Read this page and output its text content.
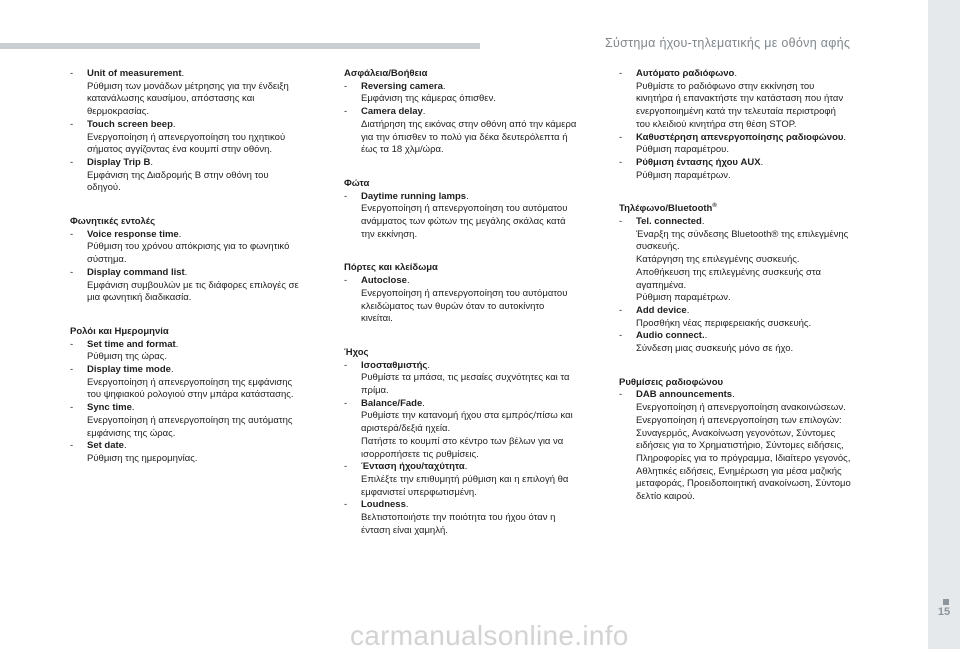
Σύστημα ήχου-τηλεματικής με οθόνη αφής
15
- Unit of measurement.
Ρύθμιση των μονάδων μέτρησης για την ένδειξη
κατανάλωσης καυσίμου, απόστασης και
θερμοκρασίας.
- Touch screen beep.
Ενεργοποίηση ή απενεργοποίηση του ηχητικού
σήματος αγγίζοντας ένα κουμπί στην οθόνη.
- Display Trip B.
Εμφάνιση της Διαδρομής B στην οθόνη του
οδηγού.
Φωνητικές εντολές
- Voice response time.
Ρύθμιση του χρόνου απόκρισης για το φωνητικό
σύστημα.
- Display command list.
Εμφάνιση συμβουλών με τις διάφορες επιλογές σε
μια φωνητική διαδικασία.
Ρολόι και Ημερομηνία
- Set time and format.
Ρύθμιση της ώρας.
- Display time mode.
Ενεργοποίηση ή απενεργοποίηση της εμφάνισης
του ψηφιακού ρολογιού στην μπάρα κατάστασης.
- Sync time.
Ενεργοποίηση ή απενεργοποίηση της αυτόματης
εμφάνισης της ώρας.
- Set date.
Ρύθμιση της ημερομηνίας.
Ασφάλεια/Βοήθεια
- Reversing camera.
Εμφάνιση της κάμερας όπισθεν.
- Camera delay.
Διατήρηση της εικόνας στην οθόνη από την κάμερα
για την όπισθεν το πολύ για δέκα δευτερόλεπτα ή
έως τα 18 χλμ/ώρα.
Φώτα
- Daytime running lamps.
Ενεργοποίηση ή απενεργοποίηση του αυτόματου
ανάμματος των φώτων της μεγάλης σκάλας κατά
την εκκίνηση.
Πόρτες και κλείδωμα
- Autoclose.
Ενεργοποίηση ή απενεργοποίηση του αυτόματου
κλειδώματος των θυρών όταν το αυτοκίνητο
κινείται.
Ήχος
- Ισοσταθμιστής.
Ρυθμίστε τα μπάσα, τις μεσαίες συχνότητες και τα
πρίμα.
- Balance/Fade.
Ρυθμίστε την κατανομή ήχου στα εμπρός/πίσω και
αριστερά/δεξιά ηχεία.
Πατήστε το κουμπί στο κέντρο των βέλων για να
ισορροπήσετε τις ρυθμίσεις.
- Ένταση ήχου/ταχύτητα.
Επιλέξτε την επιθυμητή ρύθμιση και η επιλογή θα
εμφανιστεί υπερφωτισμένη.
- Loudness.
Βελτιστοποιήστε την ποιότητα του ήχου όταν η
ένταση είναι χαμηλή.
- Αυτόματο ραδιόφωνο.
Ρυθμίστε το ραδιόφωνο στην εκκίνηση του
κινητήρα ή επανακτήστε την κατάσταση που ήταν
ενεργοποιημένη κατά την τελευταία περιστροφή
του κλειδιού κινητήρα στη θέση STOP.
- Καθυστέρηση απενεργοποίησης ραδιοφώνου.
Ρύθμιση παραμέτρου.
- Ρύθμιση έντασης ήχου AUX.
Ρύθμιση παραμέτρων.
Τηλέφωνο/Bluetooth®
- Tel. connected.
Έναρξη της σύνδεσης Bluetooth® της επιλεγμένης
συσκευής.
Κατάργηση της επιλεγμένης συσκευής.
Αποθήκευση της επιλεγμένης συσκευής στα
αγαπημένα.
Ρύθμιση παραμέτρων.
- Add device.
Προσθήκη νέας περιφερειακής συσκευής.
- Audio connect..
Σύνδεση μιας συσκευής μόνο σε ήχο.
Ρυθμίσεις ραδιοφώνου
- DAB announcements.
Ενεργοποίηση ή απενεργοποίηση ανακοινώσεων.
Ενεργοποίηση ή απενεργοποίηση των επιλογών:
Συναγερμός, Ανακοίνωση γεγονότων, Σύντομες
ειδήσεις για το Χρηματιστήριο, Σύντομες ειδήσεις,
Πληροφορίες για το πρόγραμμα, Ιδιαίτερο γεγονός,
Αθλητικές ειδήσεις, Ενημέρωση για μέσα μαζικής
μεταφοράς, Προειδοποιητική ανακοίνωση, Σύντομο
δελτίο καιρού.
carmanualsonline.info
